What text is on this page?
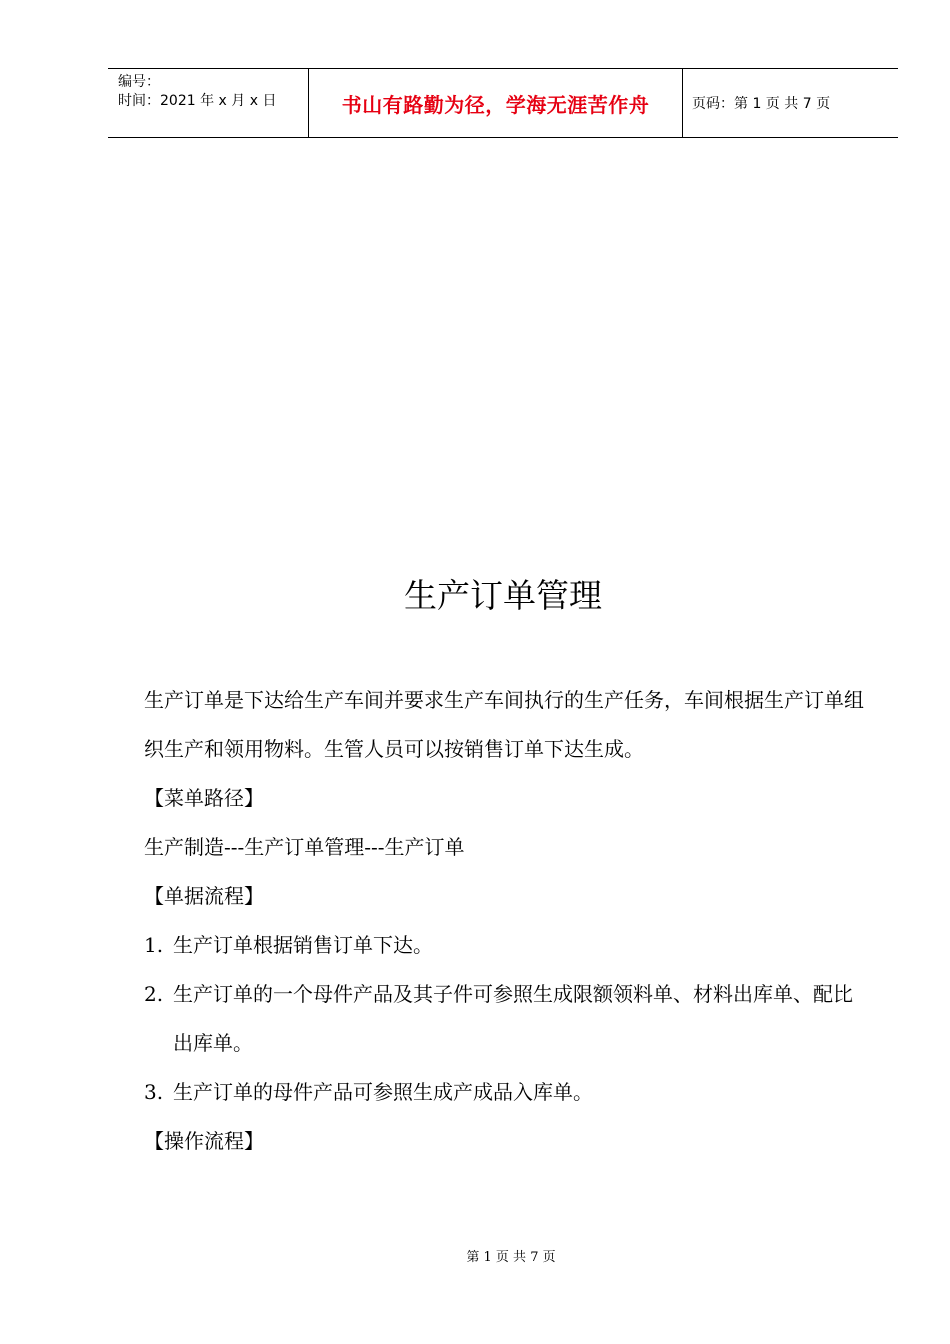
编号：
时间：2021 年 x 月 x 日	书山有路勤为径，学海无涯苦作舟	页码：第 1 页 共 7 页
生产订单管理

生产订单是下达给生产车间并要求生产车间执行的生产任务，车间根据生产订单组织生产和领用物料。生管人员可以按销售订单下达生成。

【菜单路径】

生产制造---生产订单管理---生产订单

【单据流程】

1. 生产订单根据销售订单下达。
2. 生产订单的一个母件产品及其子件可参照生成限额领料单、材料出库单、配比出库单。
3. 生产订单的母件产品可参照生成产成品入库单。

【操作流程】

第 1 页 共 7 页
